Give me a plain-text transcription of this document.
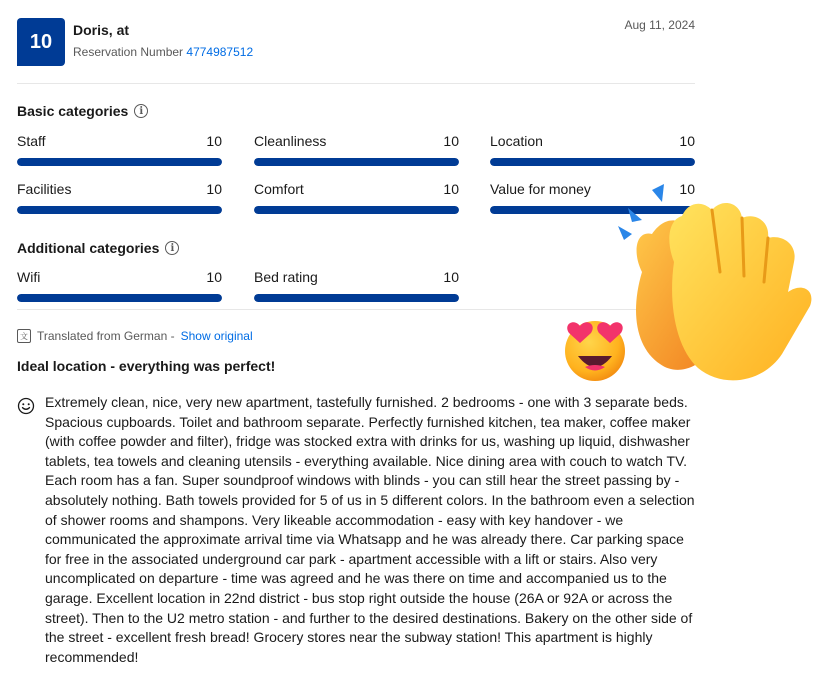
10
Doris, at
Reservation Number 4774987512
Aug 11, 2024
Basic categories	i
Staff	10 Cleanliness	10 Location	10
Facilities	10 Comfort	10 Value for money	10
Additional categories	i
Wifi	10 Bed rating	10
文 Translated from German - Show original
Ideal location - everything was perfect!
Extremely clean, nice, very new apartment, tastefully furnished. 2 bedrooms - one with 3 separate beds. Spacious cupboards. Toilet and bathroom separate. Perfectly furnished kitchen, tea maker, coffee maker (with coffee powder and filter), fridge was stocked extra with drinks for us, washing up liquid, dishwasher tablets, tea towels and cleaning utensils - everything available. Nice dining area with couch to watch TV. Each room has a fan. Super soundproof windows with blinds - you can still hear the street passing by - absolutely nothing. Bath towels provided for 5 of us in 5 different colors. In the bathroom even a selection of shower rooms and shampons. Very likeable accommodation - easy with key handover - we communicated the approximate arrival time via Whatsapp and he was already there. Car parking space for free in the associated underground car park - apartment accessible with a lift or stairs. Also very uncomplicated on departure - time was agreed and he was there on time and accompanied us to the garage. Excellent location in 22nd district - bus stop right outside the house (26A or 92A or across the street). Then to the U2 metro station - and further to the desired destinations. Bakery on the other side of the street - excellent fresh bread! Grocery stores near the subway station! This apartment is highly recommended!
